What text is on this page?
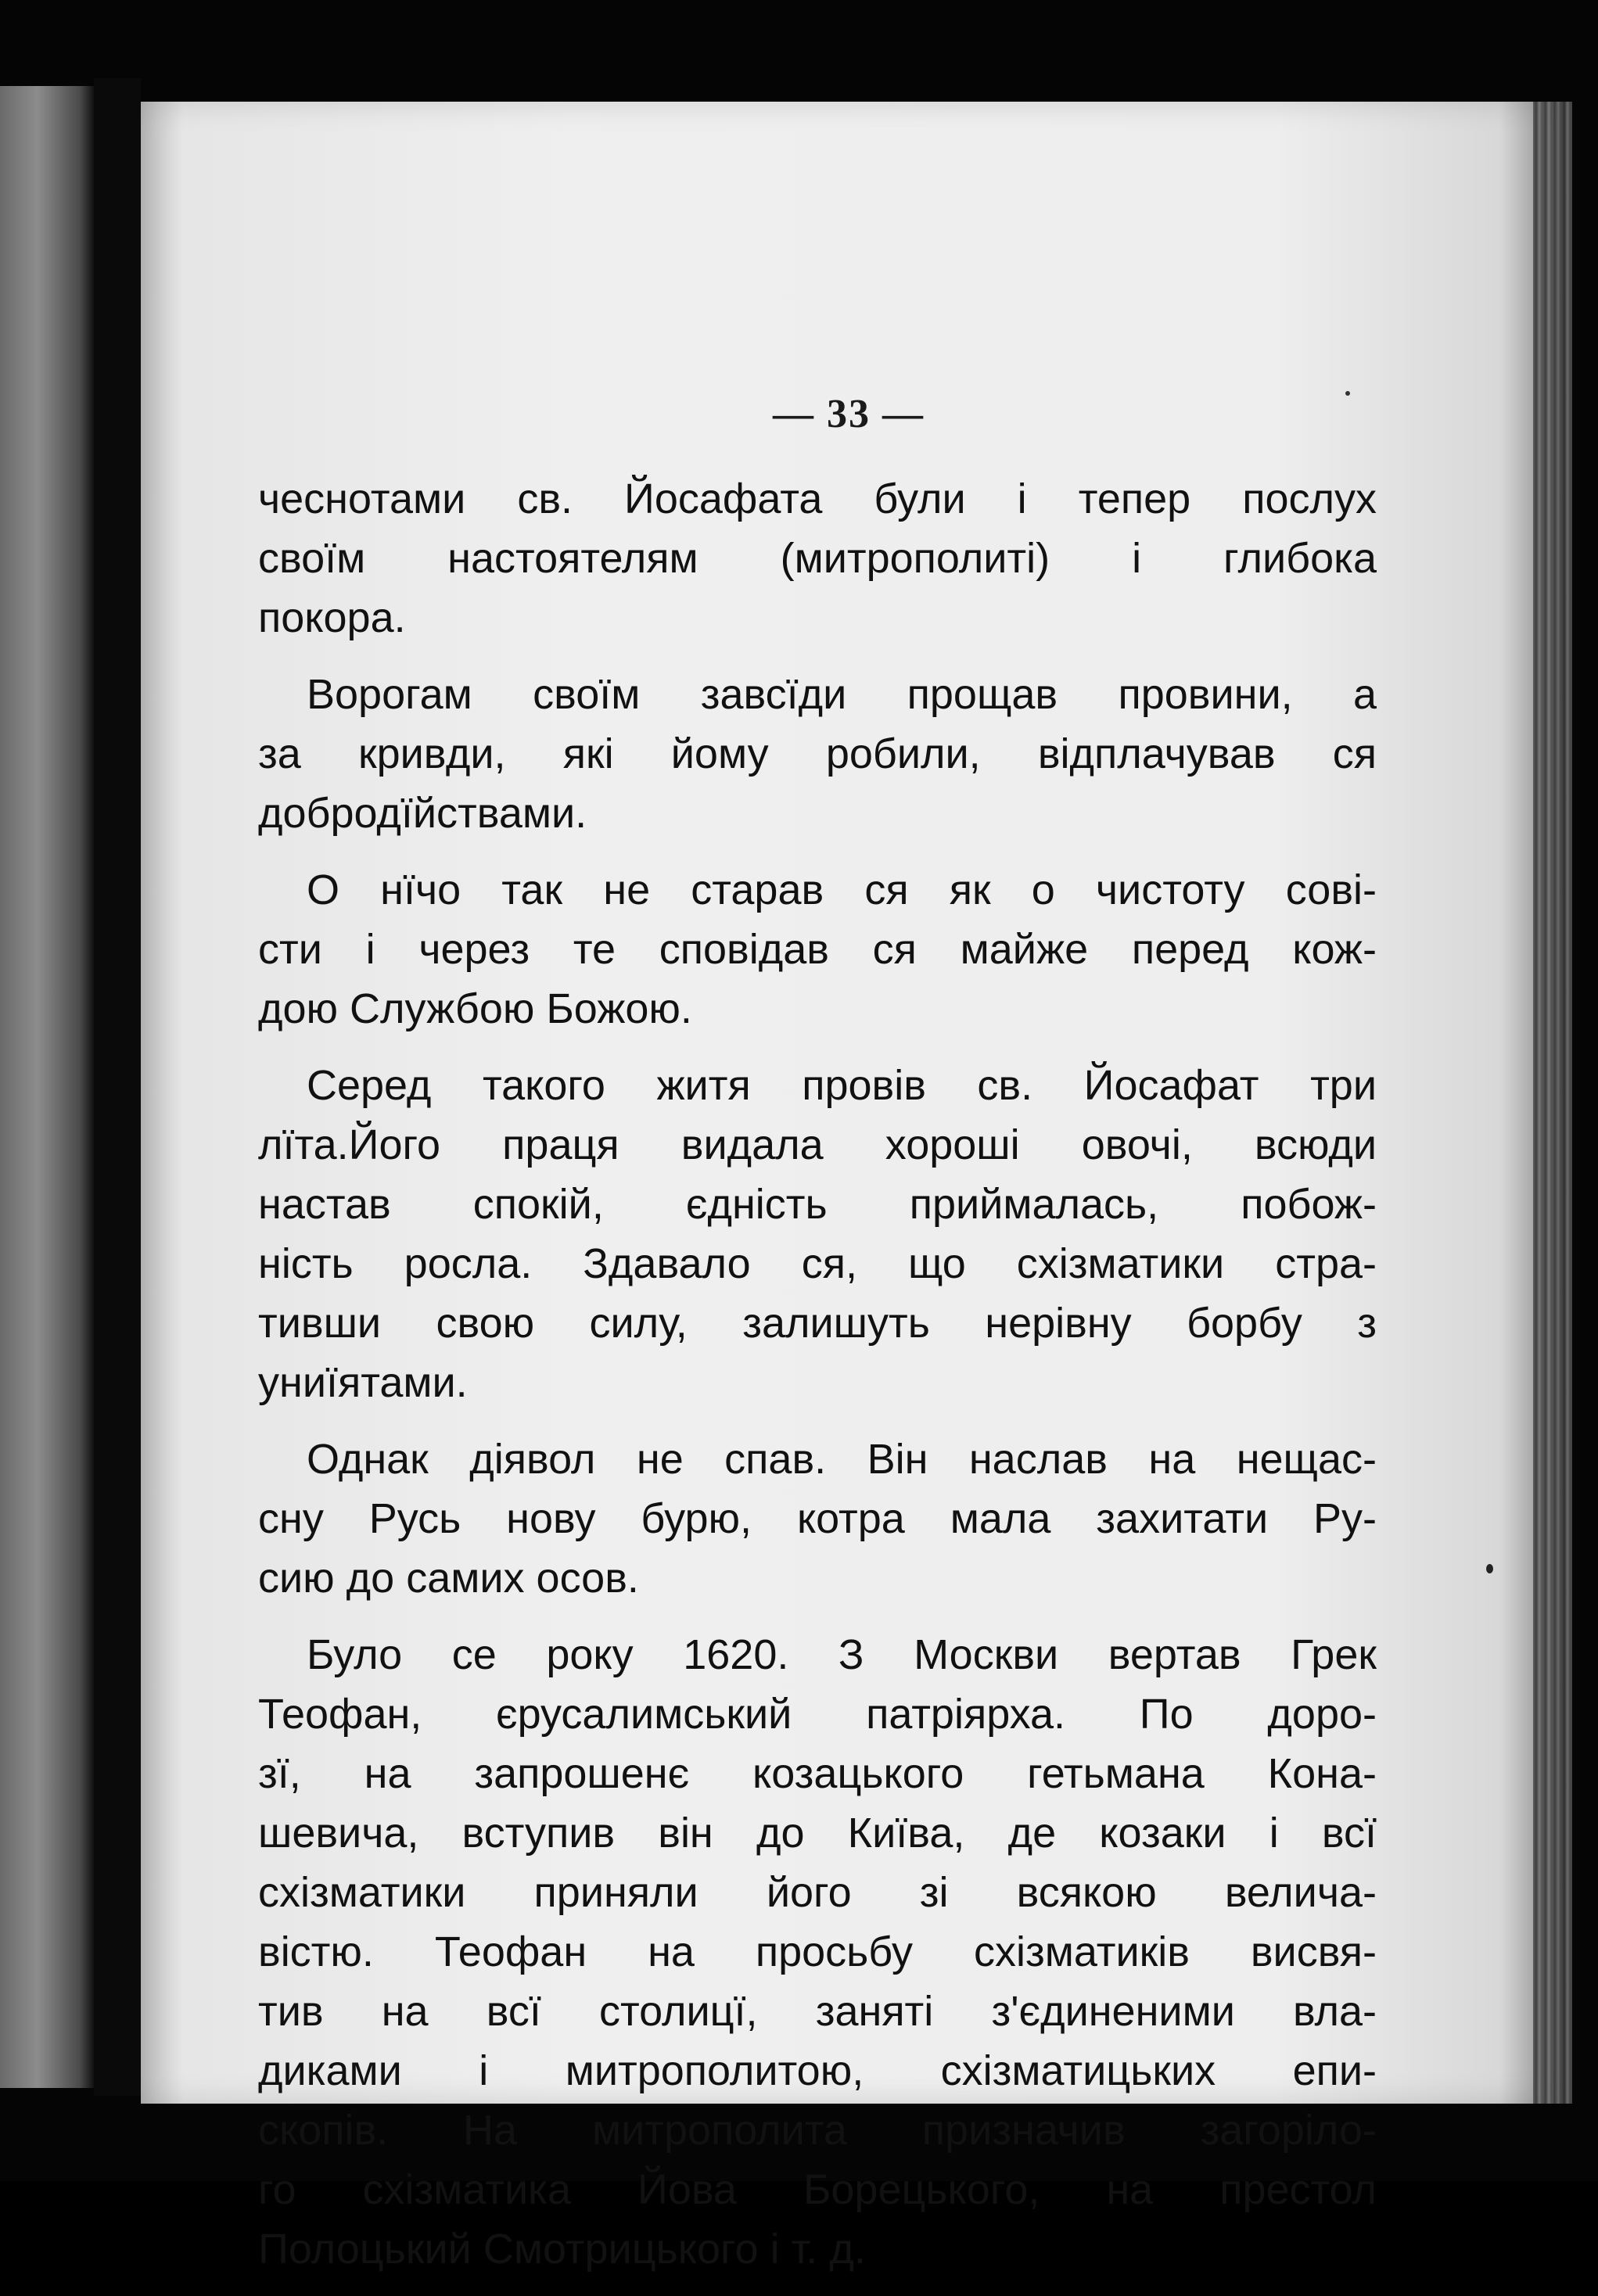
— 33 —
чеснотами св. Йосафата були і тепер послух
своїм настоятелям (митрополиті) і глибока
покора.
Ворогам своїм завсїди прощав провини, а
за кривди, які йому робили, відплачував ся
добродїйствами.
О нїчо так не старав ся як о чистоту сові-
сти і через те сповідав ся майже перед кож-
дою Службою Божою.
Серед такого житя провів св. Йосафат три
лїта.Його праця видала хороші овочі, всюди
настав спокій, єдність приймалась, побож-
ність росла. Здавало ся, що схізматики стра-
тивши свою силу, залишуть нерівну борбу з
униїятами.
Однак діявол не спав. Він наслав на нещас-
сну Русь нову бурю, котра мала захитати Ру-
сию до самих осов.
Було се року 1620. З Москви вертав Грек
Теофан, єрусалимський патріярха. По доро-
зї, на запрошенє козацького гетьмана Кона-
шевича, вступив він до Київа, де козаки і всї
схізматики приняли його зі всякою велича-
вістю. Теофан на просьбу схізматиків висвя-
тив на всї столицї, заняті з'єдиненими вла-
диками і митрополитою, схізматицьких епи-
скопів. На митрополита призначив загоріло-
го схізматика Йова Борецького, на престол
Полоцький Смотрицького і т. д.
